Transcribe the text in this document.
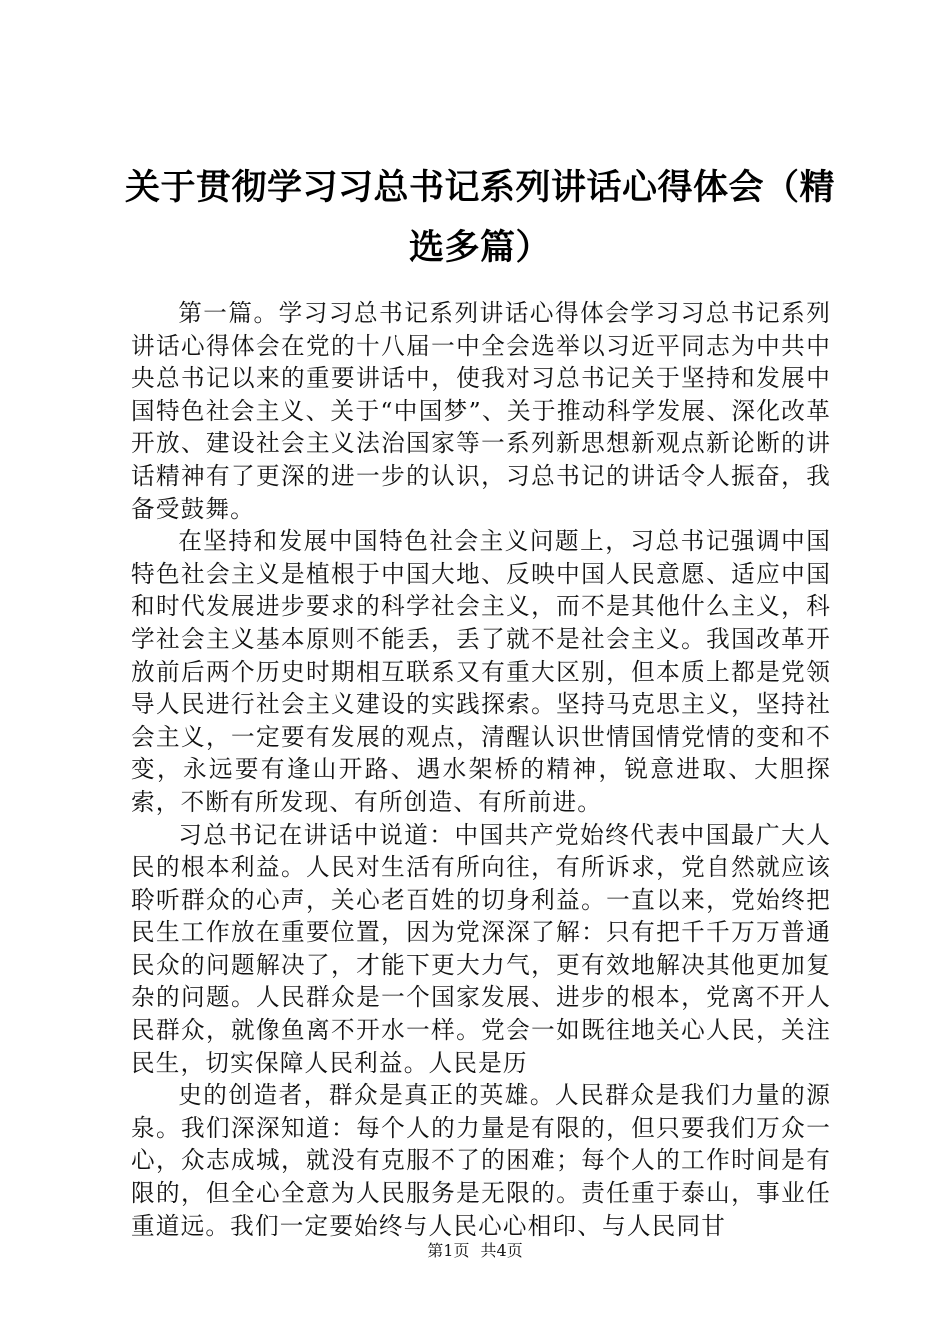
关于贯彻学习习总书记系列讲话心得体会（精选多篇）

第一篇。学习习总书记系列讲话心得体会学习习总书记系列讲话心得体会在党的十八届一中全会选举以习近平同志为中共中央总书记以来的重要讲话中，使我对习总书记关于坚持和发展中国特色社会主义、关于“中国梦”、关于推动科学发展、深化改革开放、建设社会主义法治国家等一系列新思想新观点新论断的讲话精神有了更深的进一步的认识，习总书记的讲话令人振奋，我备受鼓舞。

在坚持和发展中国特色社会主义问题上，习总书记强调中国特色社会主义是植根于中国大地、反映中国人民意愿、适应中国和时代发展进步要求的科学社会主义，而不是其他什么主义，科学社会主义基本原则不能丢，丢了就不是社会主义。我国改革开放前后两个历史时期相互联系又有重大区别，但本质上都是党领导人民进行社会主义建设的实践探索。坚持马克思主义，坚持社会主义，一定要有发展的观点，清醒认识世情国情党情的变和不变，永远要有逢山开路、遇水架桥的精神，锐意进取、大胆探索，不断有所发现、有所创造、有所前进。

习总书记在讲话中说道：中国共产党始终代表中国最广大人民的根本利益。人民对生活有所向往，有所诉求，党自然就应该聆听群众的心声，关心老百姓的切身利益。一直以来，党始终把民生工作放在重要位置，因为党深深了解：只有把千千万万普通民众的问题解决了，才能下更大力气，更有效地解决其他更加复杂的问题。人民群众是一个国家发展、进步的根本，党离不开人民群众，就像鱼离不开水一样。党会一如既往地关心人民，关注民生，切实保障人民利益。人民是历

史的创造者，群众是真正的英雄。人民群众是我们力量的源泉。我们深深知道：每个人的力量是有限的，但只要我们万众一心，众志成城，就没有克服不了的困难；每个人的工作时间是有限的，但全心全意为人民服务是无限的。责任重于泰山，事业任重道远。我们一定要始终与人民心心相印、与人民同甘

第1页 共4页
